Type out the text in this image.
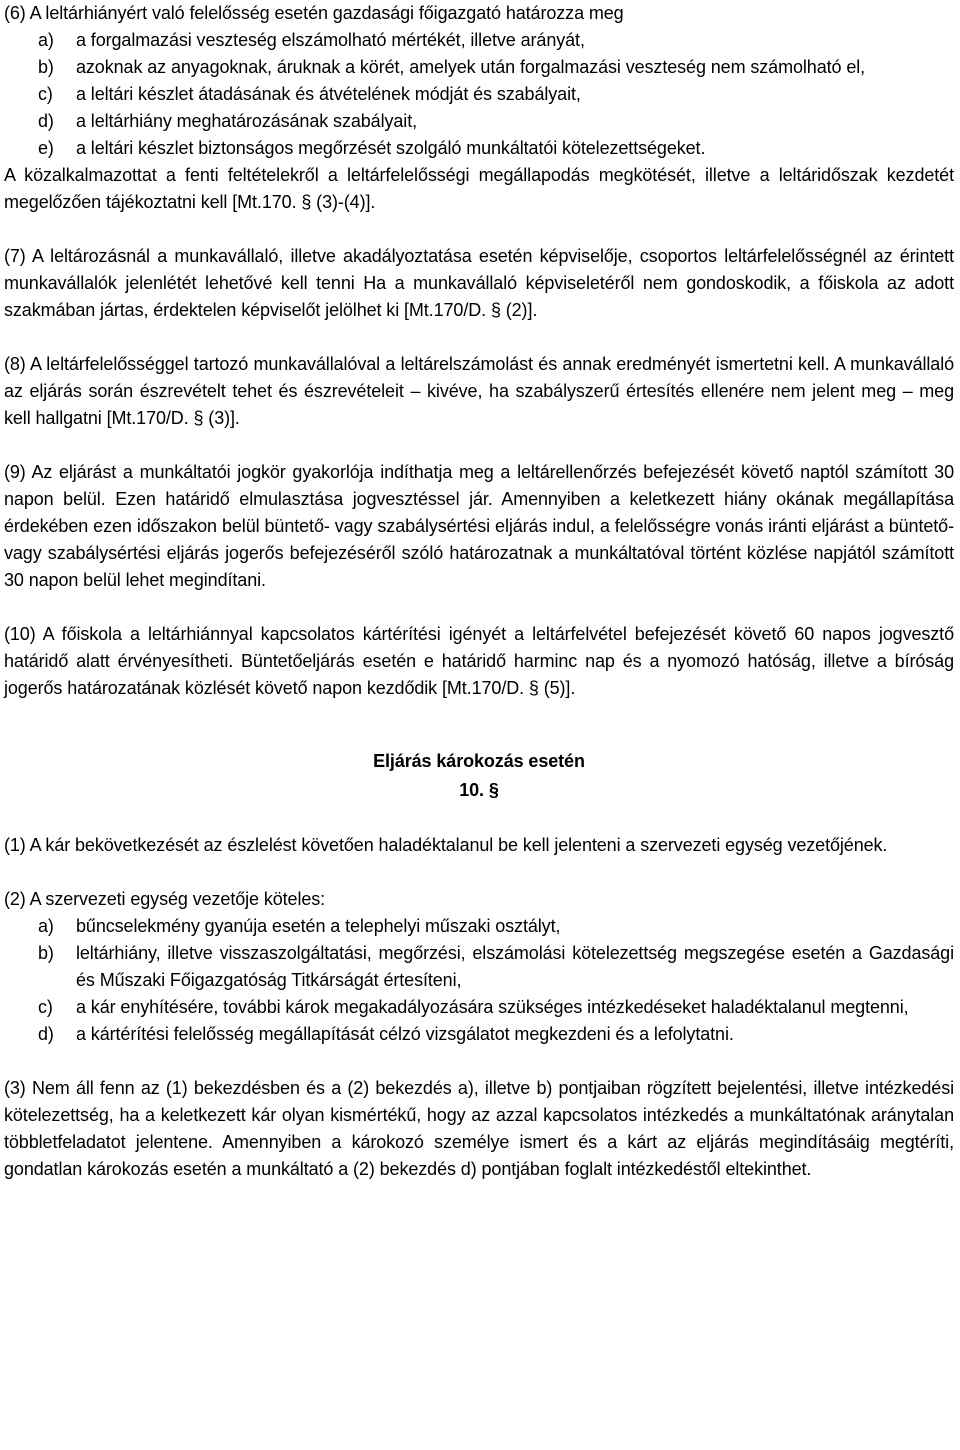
(6) A leltárhiányért való felelősség esetén gazdasági főigazgató határozza meg

a)	a forgalmazási veszteség elszámolható mértékét, illetve arányát,
b)	azoknak az anyagoknak, áruknak a körét, amelyek után forgalmazási veszteség nem számolható el,
c)	a leltári készlet átadásának és átvételének módját és szabályait,
d)	a leltárhiány meghatározásának szabályait,
e)	a leltári készlet biztonságos megőrzését szolgáló munkáltatói kötelezettségeket.

A közalkalmazottat a fenti feltételekről a leltárfelelősségi megállapodás megkötését, illetve a leltáridőszak kezdetét megelőzően tájékoztatni kell [Mt.170. § (3)-(4)].

(7) A leltározásnál a munkavállaló, illetve akadályoztatása esetén képviselője, csoportos leltárfelelősségnél az érintett munkavállalók jelenlétét lehetővé kell tenni Ha a munkavállaló képviseletéről nem gondoskodik, a főiskola az adott szakmában jártas, érdektelen képviselőt jelölhet ki [Mt.170/D. § (2)].

(8) A leltárfelelősséggel tartozó munkavállalóval a leltárelszámolást és annak eredményét ismertetni kell. A munkavállaló az eljárás során észrevételt tehet és észrevételeit – kivéve, ha szabályszerű értesítés ellenére nem jelent meg – meg kell hallgatni [Mt.170/D. § (3)].

(9) Az eljárást a munkáltatói jogkör gyakorlója indíthatja meg a leltárellenőrzés befejezését követő naptól számított 30 napon belül. Ezen határidő elmulasztása jogvesztéssel jár. Amennyiben a keletkezett hiány okának megállapítása érdekében ezen időszakon belül büntető- vagy szabálysértési eljárás indul, a felelősségre vonás iránti eljárást a büntető- vagy szabálysértési eljárás jogerős befejezéséről szóló határozatnak a munkáltatóval történt közlése napjától számított 30 napon belül lehet megindítani.

(10) A főiskola a leltárhiánnyal kapcsolatos kártérítési igényét a leltárfelvétel befejezését követő 60 napos jogvesztő határidő alatt érvényesítheti. Büntetőeljárás esetén e határidő harminc nap és a nyomozó hatóság, illetve a bíróság jogerős határozatának közlését követő napon kezdődik [Mt.170/D. § (5)].

Eljárás károkozás esetén
10. §

(1) A kár bekövetkezését az észlelést követően haladéktalanul be kell jelenteni a szervezeti egység vezetőjének.

(2) A szervezeti egység vezetője köteles:

a)	bűncselekmény gyanúja esetén a telephelyi műszaki osztályt,
b)	leltárhiány, illetve visszaszolgáltatási, megőrzési, elszámolási kötelezettség megszegése esetén a Gazdasági és Műszaki Főigazgatóság Titkárságát értesíteni,
c)	a kár enyhítésére, további károk megakadályozására szükséges intézkedéseket haladéktalanul megtenni,
d)	a kártérítési felelősség megállapítását célzó vizsgálatot megkezdeni és a lefolytatni.

(3) Nem áll fenn az (1) bekezdésben és a (2) bekezdés a), illetve b) pontjaiban rögzített bejelentési, illetve intézkedési kötelezettség, ha a keletkezett kár olyan kismértékű, hogy az azzal kapcsolatos intézkedés a munkáltatónak aránytalan többletfeladatot jelentene. Amennyiben a károkozó személye ismert és a kárt az eljárás megindításáig megtéríti, gondatlan károkozás esetén a munkáltató a (2) bekezdés d) pontjában foglalt intézkedéstől eltekinthet.
